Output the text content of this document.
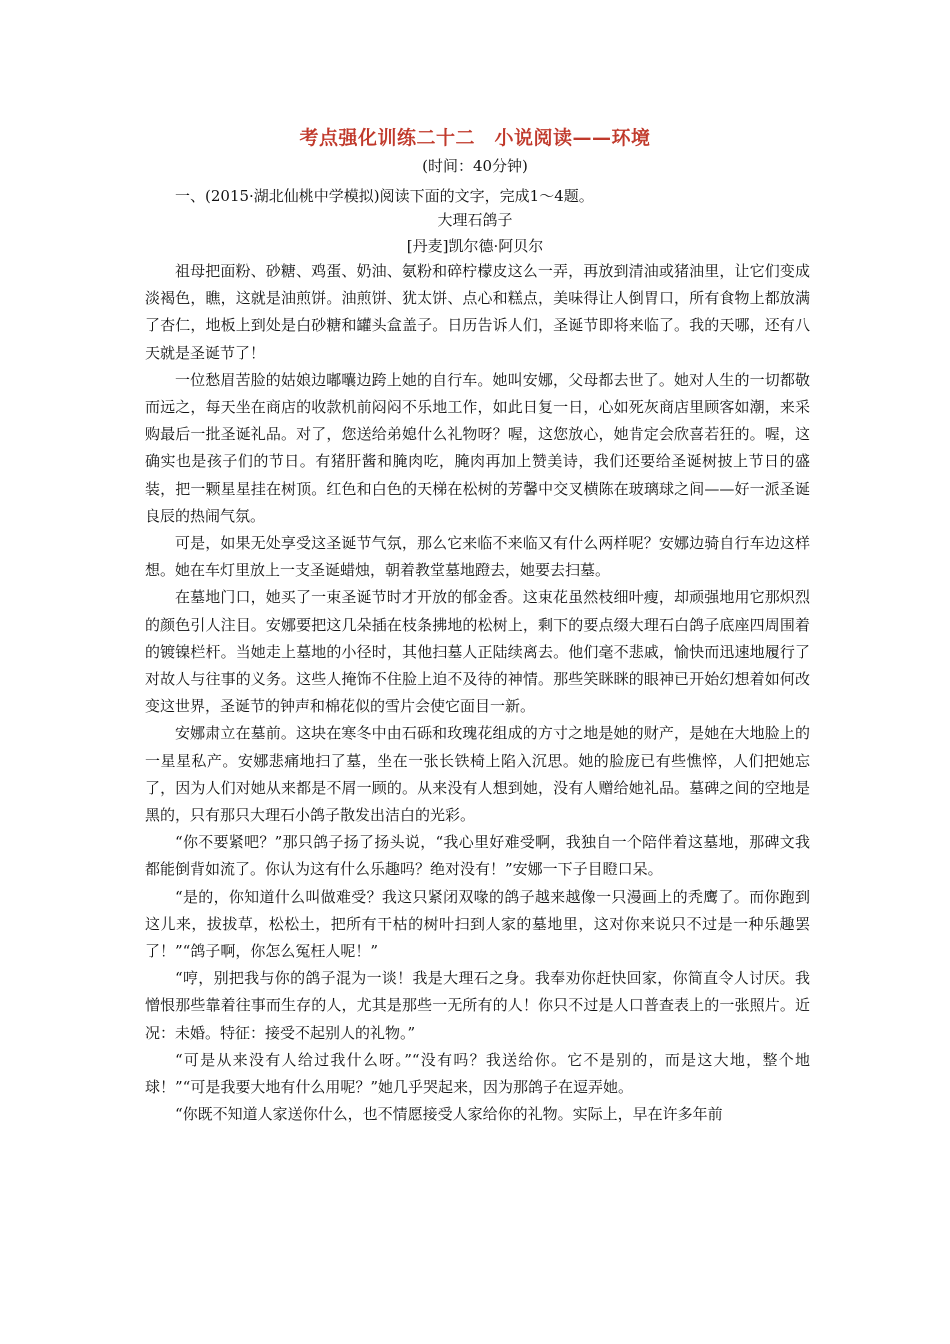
考点强化训练二十二　小说阅读——环境
(时间：40分钟)
一、(2015·湖北仙桃中学模拟)阅读下面的文字，完成1～4题。
大理石鸽子
[丹麦]凯尔德·阿贝尔

祖母把面粉、砂糖、鸡蛋、奶油、氨粉和碎柠檬皮这么一弄，再放到清油或猪油里，让它们变成淡褐色，瞧，这就是油煎饼。油煎饼、犹太饼、点心和糕点，美味得让人倒胃口，所有食物上都放满了杏仁，地板上到处是白砂糖和罐头盒盖子。日历告诉人们，圣诞节即将来临了。我的天哪，还有八天就是圣诞节了！

一位愁眉苦脸的姑娘边嘟囔边跨上她的自行车。她叫安娜，父母都去世了。她对人生的一切都敬而远之，每天坐在商店的收款机前闷闷不乐地工作，如此日复一日，心如死灰商店里顾客如潮，来采购最后一批圣诞礼品。对了，您送给弟媳什么礼物呀？喔，这您放心，她肯定会欣喜若狂的。喔，这确实也是孩子们的节日。有猪肝酱和腌肉吃，腌肉再加上赞美诗，我们还要给圣诞树披上节日的盛装，把一颗星星挂在树顶。红色和白色的天梯在松树的芳馨中交叉横陈在玻璃球之间——好一派圣诞良辰的热闹气氛。

可是，如果无处享受这圣诞节气氛，那么它来临不来临又有什么两样呢？安娜边骑自行车边这样想。她在车灯里放上一支圣诞蜡烛，朝着教堂墓地蹬去，她要去扫墓。

在墓地门口，她买了一束圣诞节时才开放的郁金香。这束花虽然枝细叶瘦，却顽强地用它那炽烈的颜色引人注目。安娜要把这几朵插在枝条拂地的松树上，剩下的要点缀大理石白鸽子底座四周围着的镀镍栏杆。当她走上墓地的小径时，其他扫墓人正陆续离去。他们毫不悲戚，愉快而迅速地履行了对故人与往事的义务。这些人掩饰不住脸上迫不及待的神情。那些笑眯眯的眼神已开始幻想着如何改变这世界，圣诞节的钟声和棉花似的雪片会使它面目一新。

安娜肃立在墓前。这块在寒冬中由石砾和玫瑰花组成的方寸之地是她的财产，是她在大地脸上的一星星私产。安娜悲痛地扫了墓，坐在一张长铁椅上陷入沉思。她的脸庞已有些憔悴，人们把她忘了，因为人们对她从来都是不屑一顾的。从来没有人想到她，没有人赠给她礼品。墓碑之间的空地是黑的，只有那只大理石小鸽子散发出洁白的光彩。

“你不要紧吧？”那只鸽子扬了扬头说，“我心里好难受啊，我独自一个陪伴着这墓地，那碑文我都能倒背如流了。你认为这有什么乐趣吗？绝对没有！”安娜一下子目瞪口呆。

“是的，你知道什么叫做难受？我这只紧闭双喙的鸽子越来越像一只漫画上的秃鹰了。而你跑到这儿来，拔拔草，松松土，把所有干枯的树叶扫到人家的墓地里，这对你来说只不过是一种乐趣罢了！”“鸽子啊，你怎么冤枉人呢！”

“哼，别把我与你的鸽子混为一谈！我是大理石之身。我奉劝你赶快回家，你简直令人讨厌。我憎恨那些靠着往事而生存的人，尤其是那些一无所有的人！你只不过是人口普查表上的一张照片。近况：未婚。特征：接受不起别人的礼物。”

“可是从来没有人给过我什么呀。”“没有吗？我送给你。它不是别的，而是这大地，整个地球！”“可是我要大地有什么用呢？”她几乎哭起来，因为那鸽子在逗弄她。

“你既不知道人家送你什么，也不情愿接受人家给你的礼物。实际上，早在许多年前
